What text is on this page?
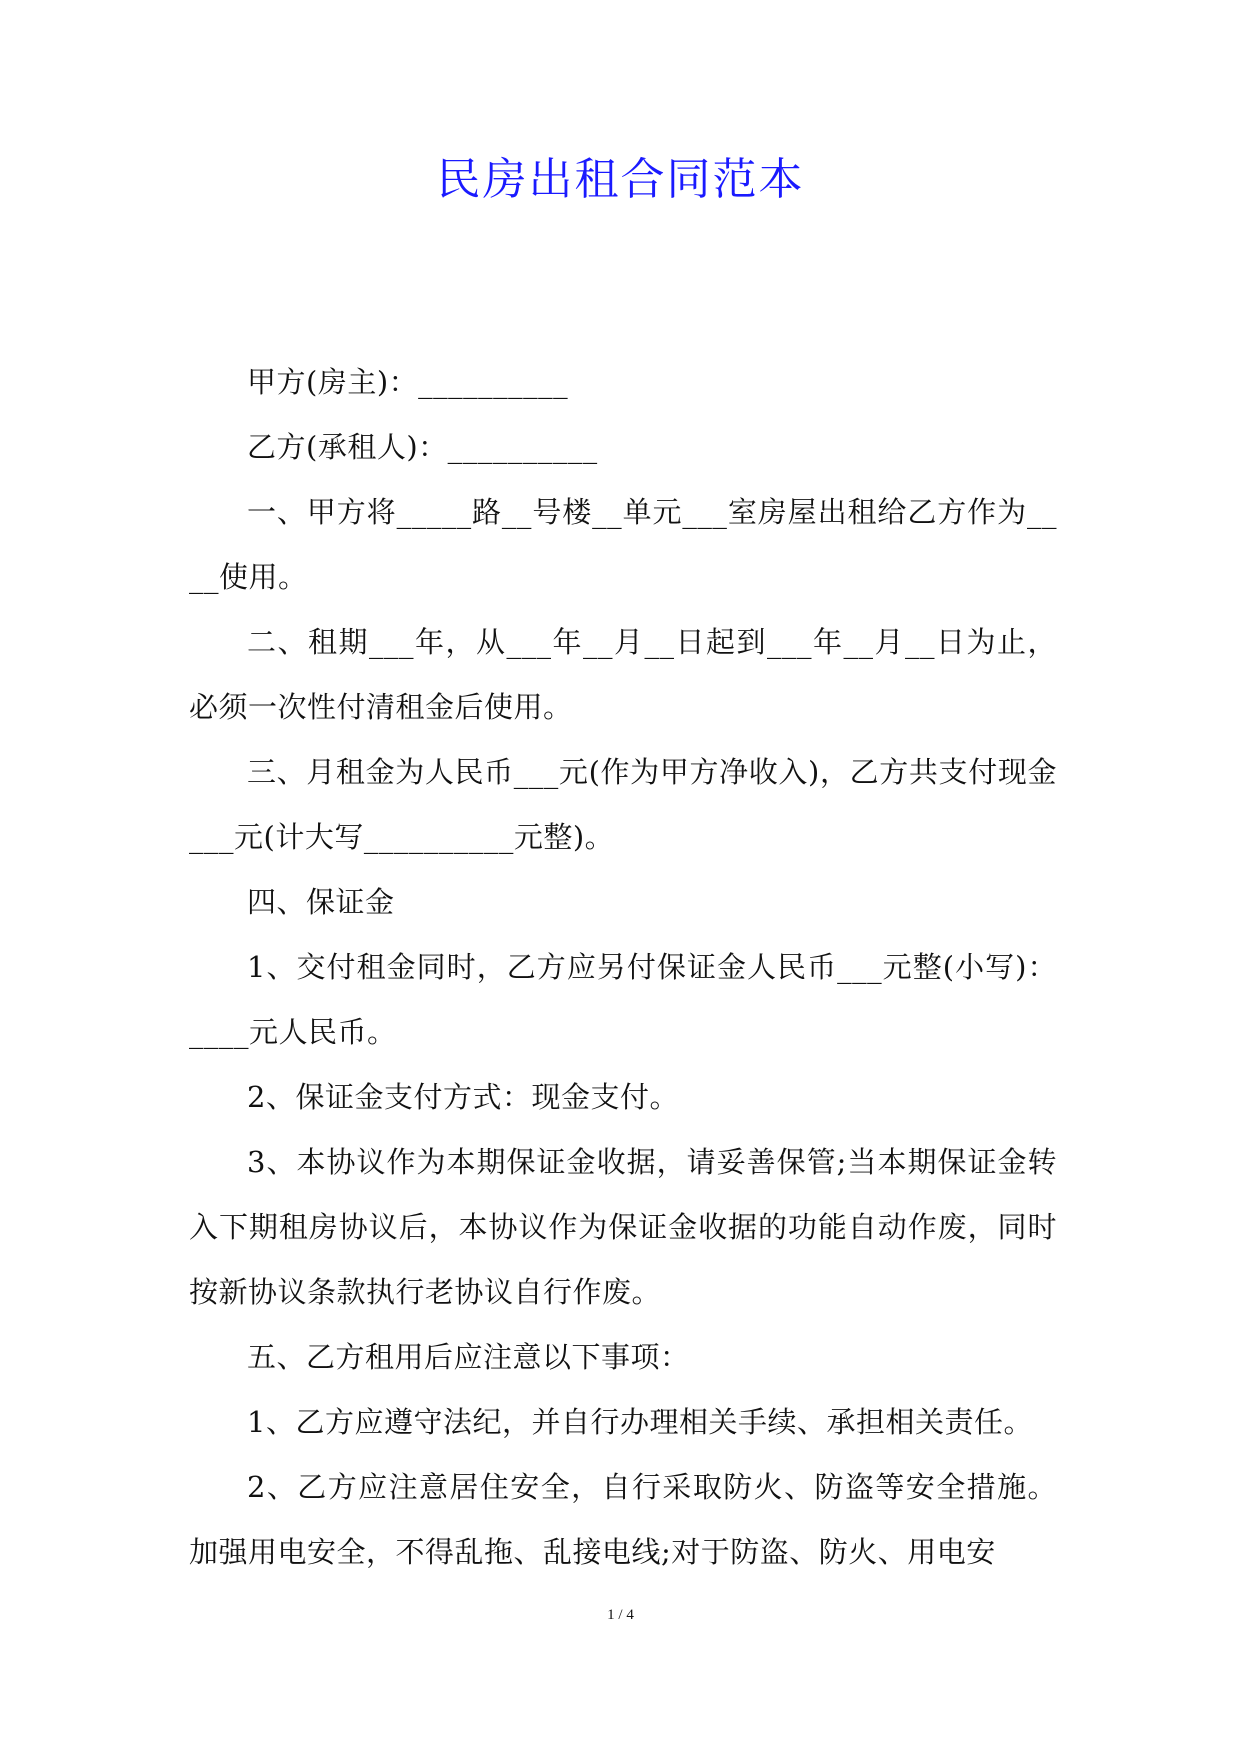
民房出租合同范本

甲方(房主)：__________

乙方(承租人)：__________

一、甲方将_____路__号楼__单元___室房屋出租给乙方作为____使用。

二、租期___年，从___年__月__日起到___年__月__日为止，必须一次性付清租金后使用。

三、月租金为人民币___元(作为甲方净收入)，乙方共支付现金___元(计大写__________元整)。

四、保证金

1、交付租金同时，乙方应另付保证金人民币___元整(小写)：____元人民币。

2、保证金支付方式：现金支付。

3、本协议作为本期保证金收据，请妥善保管;当本期保证金转入下期租房协议后，本协议作为保证金收据的功能自动作废，同时按新协议条款执行老协议自行作废。

五、乙方租用后应注意以下事项：

1、乙方应遵守法纪，并自行办理相关手续、承担相关责任。

2、乙方应注意居住安全，自行采取防火、防盗等安全措施。加强用电安全，不得乱拖、乱接电线;对于防盗、防火、用电安

1 / 4
